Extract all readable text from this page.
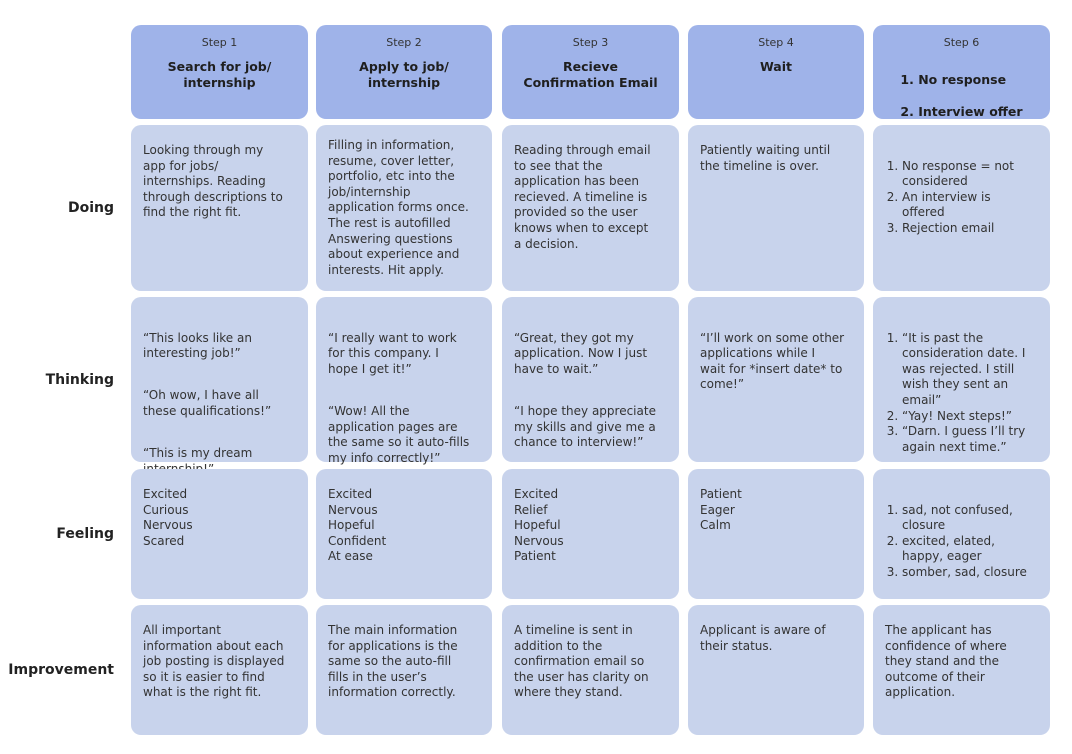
Step 1
Search for job/
internship
Step 2
Apply to job/
internship
Step 3
Recieve
Confirmation Email
Step 4
Wait
Step 6

1. No response

2. Interview offer

Doing
Thinking
Feeling
Improvement
Looking through my
app for jobs/
internships. Reading
through descriptions to
find the right fit.
Filling in information,
resume, cover letter,
portfolio, etc into the
job/internship
application forms once.
The rest is autofilled
Answering questions
about experience and
interests. Hit apply.
Reading through email
to see that the
application has been
recieved. A timeline is
provided so the user
knows when to except
a decision.
Patiently waiting until
the timeline is over.

1.	No response = not
considered
2. An interview is
offered
3. Rejection email

“This looks like an
interesting job!”

“Oh wow, I have all
these qualifications!”

“This is my dream

“I really want to work
for this company. I
hope I get it!”

“Wow! All the
application pages are
the same so it auto-fills
my info correctly!”

“Great, they got my
application. Now I just
have to wait.”

“I hope they appreciate
my skills and give me a
chance to interview!”

“I’ll work on some other
applications while I
wait for *insert date* to
come!”

1. “It is past the
consideration date. I
was rejected. I still
wish they sent an
email”
2. “Yay! Next steps!”
3. “Darn. I guess I’ll try
again next time.”

Excited
Curious
Nervous
Scared
Excited
Nervous
Hopeful
Confident
At ease
Excited
Relief
Hopeful
Nervous
Patient
Patient
Eager
Calm

1. sad, not confused,
closure
2. excited, elated,
happy, eager
3. somber, sad, closure

All important
information about each
job posting is displayed
so it is easier to find
what is the right fit.
The main information
for applications is the
same so the auto-fill
fills in the user’s
information correctly.
A timeline is sent in
addition to the
confirmation email so
the user has clarity on
where they stand.
Applicant is aware of
their status.
The applicant has
confidence of where
they stand and the
outcome of their
application.
